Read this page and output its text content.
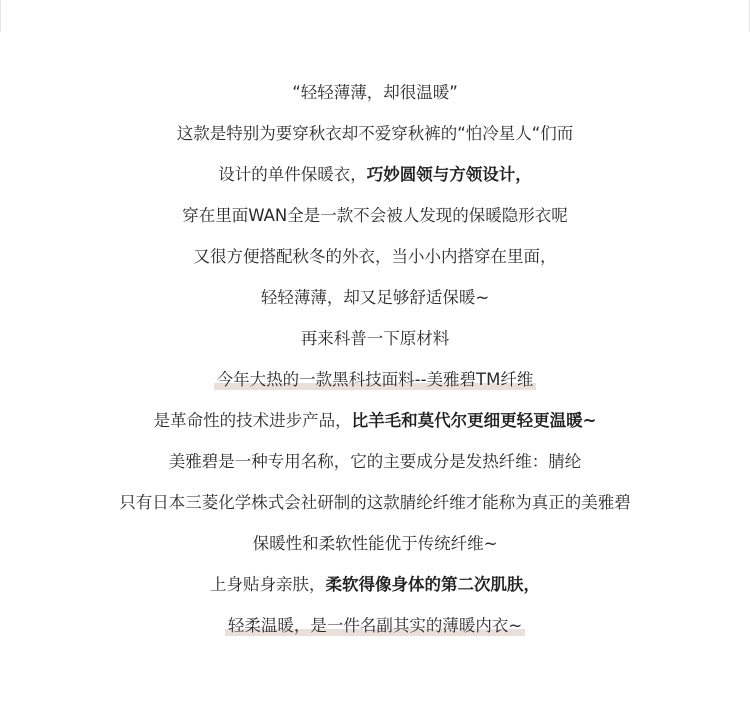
“轻轻薄薄，却很温暖”
这款是特别为要穿秋衣却不爱穿秋裤的“怕冷星人“们而
设计的单件保暖衣，巧妙圆领与方领设计，
穿在里面WAN全是一款不会被人发现的保暖隐形衣呢
又很方便搭配秋冬的外衣，当小小内搭穿在里面，
轻轻薄薄，却又足够舒适保暖~
再来科普一下原材料
今年大热的一款黑科技面料--美雅碧TM纤维
是革命性的技术进步产品，比羊毛和莫代尔更细更轻更温暖~
美雅碧是一种专用名称，它的主要成分是发热纤维：腈纶
只有日本三菱化学株式会社研制的这款腈纶纤维才能称为真正的美雅碧
保暖性和柔软性能优于传统纤维~
上身贴身亲肤，柔软得像身体的第二次肌肤，
轻柔温暖，是一件名副其实的薄暖内衣~
